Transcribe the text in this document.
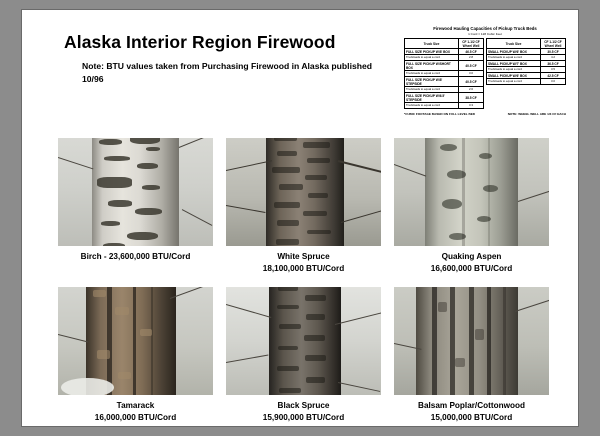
Alaska Interior Region Firewood
Note: BTU values taken from Purchasing Firewood in Alaska published 10/96
Firewood Hauling Capacities of Pickup Truck Beds
1 Cord = 128 Cubic Feet
Truck Size	CF 1-1/2 CF
Wheel Well

FULL SIZE PICKUP W/8' BOX	46.5 CF
Truckloads to equal a cord	2.8
FULL SIZE PICKUP W/SHORT BOX	40.5 CF
Truckloads to equal a cord	3.0
FULL SIZE PICKUP W/8' STEPSIDE	40.5 CF
Truckloads to equal a cord	2.6
FULL SIZE PICKUP W/6.5' STEPSIDE	38.5 CF
Truckloads to equal a cord	3.3
Truck Size	CF 1-1/2 CF
Wheel Well

SMALL PICKUP W/6' BOX	30.5 CF
Truckloads to equal a cord	4.2
SMALL PICKUP W/7' BOX	36.5 CF
Truckloads to equal a cord	3.5
SMALL PICKUP W/6' BOX	42.5 CF
Truckloads to equal a cord	3.0

*CUBIC FOOTAGE BASED ON FULL LEVEL BED	NOTE: WHEEL WELL ARE 1/3 CF EACH
Birch - 23,600,000 BTU/Cord	White Spruce
18,100,000 BTU/Cord
Quaking Aspen
16,600,000 BTU/Cord
Tamarack
16,000,000 BTU/Cord
Black Spruce
15,900,000 BTU/Cord
Balsam Poplar/Cottonwood
15,000,000 BTU/Cord
